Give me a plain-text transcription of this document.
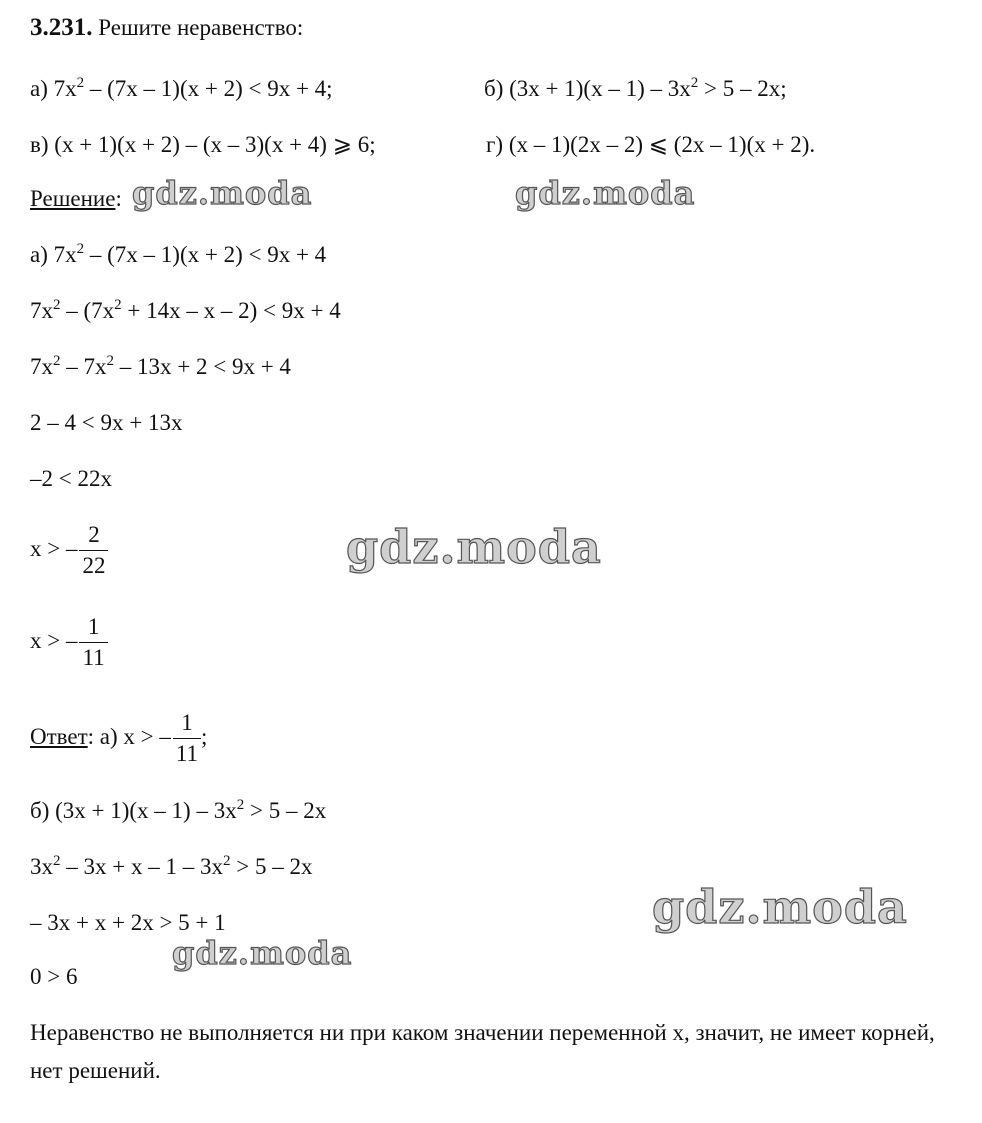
3.231. Решите неравенство:
а) $7x^2 - (7x - 1)(x + 2) < 9x + 4$;	б) $(3x + 1)(x - 1) - 3x^2 > 5 - 2x$;
в) (x + 1)(x + 2) – (x – 3)(x + 4) ⩾ 6;	г) (x – 1)(2x – 2) ⩽ (2x – 1)(x + 2).
Решение:
а) $7x^2 - (7x - 1)(x + 2) < 9x + 4$
$7x^2 - (7x^2 + 14x - x - 2) < 9x + 4$
$7x^2 - 7x^2 - 13x + 2 < 9x + 4$
2 – 4 < 9x + 13x
–2 < 22x
x > – $\frac{2}{22}$
x > – $\frac{1}{11}$
Ответ: а) x > – $\frac{1}{11}$ ;
б) $(3x + 1)(x - 1) - 3x^2 > 5 - 2x$
$3x^2 - 3x + x - 1 - 3x^2 > 5 - 2x$
– 3x + x + 2x > 5 + 1
0 > 6
Неравенство не выполняется ни при каком значении переменной x, значит, не имеет корней, нет решений.
gdz.moda	gdz.moda
gdz.moda
gdz.moda
gdz.moda
